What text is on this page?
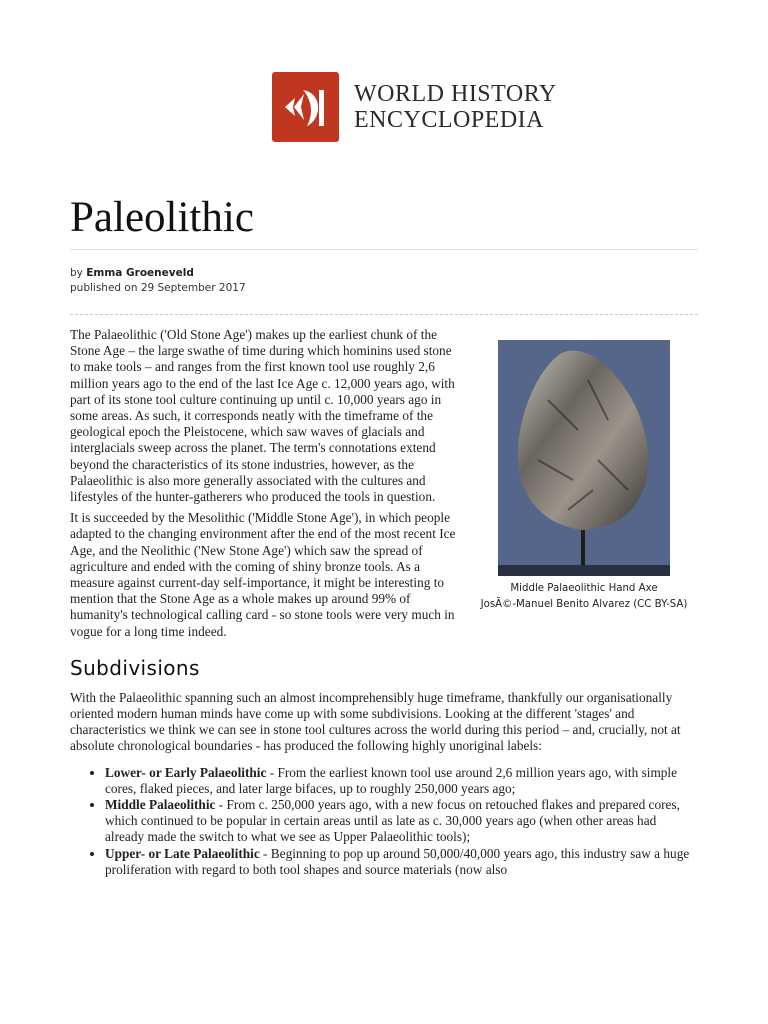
WORLD HISTORY
ENCYCLOPEDIA
Paleolithic
by Emma Groeneveld
published on 29 September 2017
Middle Palaeolithic Hand Axe
JosÃ©-Manuel Benito Alvarez (CC BY-SA)

The Palaeolithic ('Old Stone Age') makes up the earliest chunk of the Stone Age – the large swathe of time during which hominins used stone to make tools – and ranges from the first known tool use roughly 2,6 million years ago to the end of the last Ice Age c. 12,000 years ago, with part of its stone tool culture continuing up until c. 10,000 years ago in some areas. As such, it corresponds neatly with the timeframe of the geological epoch the Pleistocene, which saw waves of glacials and interglacials sweep across the planet. The term's connotations extend beyond the characteristics of its stone industries, however, as the Palaeolithic is also more generally associated with the cultures and lifestyles of the hunter-gatherers who produced the tools in question.

It is succeeded by the Mesolithic ('Middle Stone Age'), in which people adapted to the changing environment after the end of the most recent Ice Age, and the Neolithic ('New Stone Age') which saw the spread of agriculture and ended with the coming of shiny bronze tools. As a measure against current-day self-importance, it might be interesting to mention that the Stone Age as a whole makes up around 99% of humanity's technological calling card - so stone tools were very much in vogue for a long time indeed.

Subdivisions

With the Palaeolithic spanning such an almost incomprehensibly huge timeframe, thankfully our organisationally oriented modern human minds have come up with some subdivisions. Looking at the different 'stages' and characteristics we think we can see in stone tool cultures across the world during this period – and, crucially, not at absolute chronological boundaries - has produced the following highly unoriginal labels:

• Lower- or Early Palaeolithic - From the earliest known tool use around 2,6 million years ago, with simple cores, flaked pieces, and later large bifaces, up to roughly 250,000 years ago;
• Middle Palaeolithic - From c. 250,000 years ago, with a new focus on retouched flakes and prepared cores, which continued to be popular in certain areas until as late as c. 30,000 years ago (when other areas had already made the switch to what we see as Upper Palaeolithic tools);
• Upper- or Late Palaeolithic - Beginning to pop up around 50,000/40,000 years ago, this industry saw a huge proliferation with regard to both tool shapes and source materials (now also
